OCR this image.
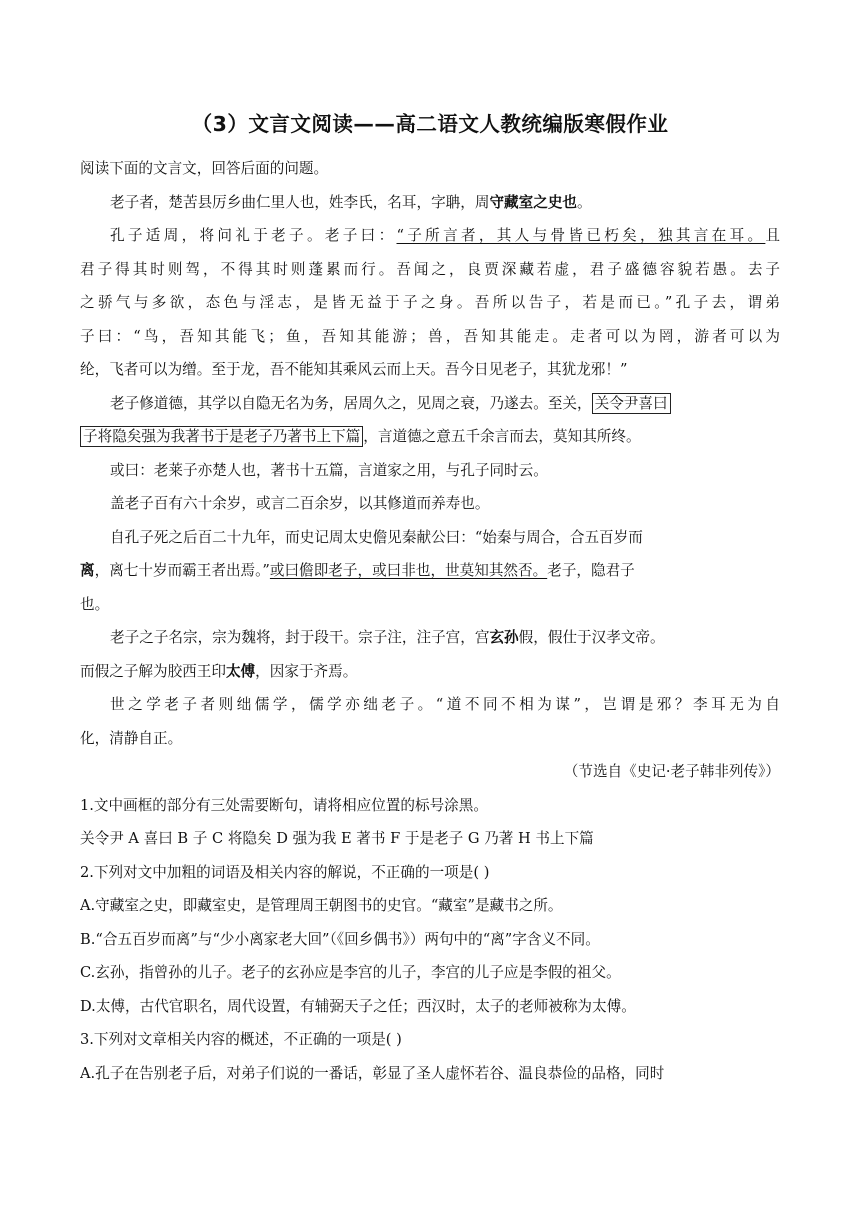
（3）文言文阅读——高二语文人教统编版寒假作业
阅读下面的文言文，回答后面的问题。
老子者，楚苦县厉乡曲仁里人也，姓李氏，名耳，字聃，周守藏室之史也。
孔子适周，将问礼于老子。老子曰：“子所言者，其人与骨皆已朽矣，独其言在耳。且
君子得其时则驾，不得其时则蓬累而行。吾闻之，良贾深藏若虚，君子盛德容貌若愚。去子
之骄气与多欲，态色与淫志，是皆无益于子之身。吾所以告子，若是而已。”孔子去，谓弟
子曰：“鸟，吾知其能飞；鱼，吾知其能游；兽，吾知其能走。走者可以为罔，游者可以为
纶，飞者可以为缯。至于龙，吾不能知其乘风云而上天。吾今日见老子，其犹龙邪！”
老子修道德，其学以自隐无名为务，居周久之，见周之衰，乃遂去。至关， 关令尹喜曰
子将隐矣强为我著书于是老子乃著书上下篇 ，言道德之意五千余言而去，莫知其所终。
或曰：老莱子亦楚人也，著书十五篇，言道家之用，与孔子同时云。
盖老子百有六十余岁，或言二百余岁，以其修道而养寿也。
自孔子死之后百二十九年，而史记周太史儋见秦献公曰：“始秦与周合，合五百岁而
离，离七十岁而霸王者出焉。”或曰儋即老子，或曰非也，世莫知其然否。老子，隐君子
也。
老子之子名宗，宗为魏将，封于段干。宗子注，注子宫，宫玄孙假，假仕于汉孝文帝。
而假之子解为胶西王印太傅，因家于齐焉。
世之学老子者则绌儒学，儒学亦绌老子。“道不同不相为谋”，岂谓是邪？李耳无为自
化，清静自正。
（节选自《史记·老子韩非列传》）
1.文中画框的部分有三处需要断句，请将相应位置的标号涂黑。
关令尹 A 喜曰 B 子 C 将隐矣 D 强为我 E 著书 F 于是老子 G 乃著 H 书上下篇
2.下列对文中加粗的词语及相关内容的解说，不正确的一项是( )
A.守藏室之史，即藏室史，是管理周王朝图书的史官。“藏室”是藏书之所。
B.“合五百岁而离”与“少小离家老大回”（《回乡偶书》）两句中的“离”字含义不同。
C.玄孙，指曾孙的儿子。老子的玄孙应是李宫的儿子，李宫的儿子应是李假的祖父。
D.太傅，古代官职名，周代设置，有辅弼天子之任；西汉时，太子的老师被称为太傅。
3.下列对文章相关内容的概述，不正确的一项是( )
A.孔子在告别老子后，对弟子们说的一番话，彰显了圣人虚怀若谷、温良恭俭的品格，同时
